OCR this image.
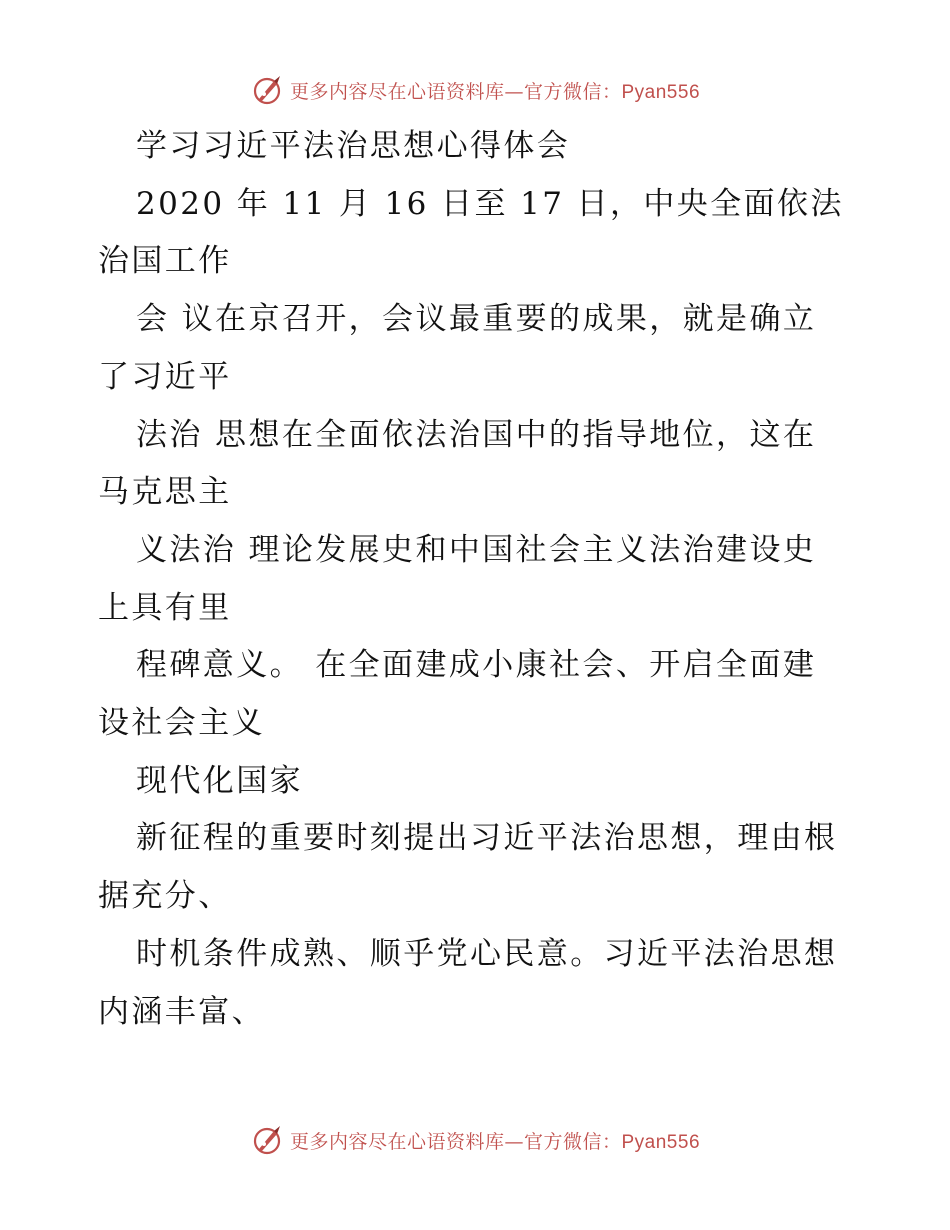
更多内容尽在心语资料库—官方微信：Pyan556

学习习近平法治思想心得体会

2020 年 11 月 16 日至 17 日，中央全面依法

治国工作

会 议在京召开，会议最重要的成果，就是确立

了习近平

法治 思想在全面依法治国中的指导地位，这在

马克思主

义法治 理论发展史和中国社会主义法治建设史

上具有里

程碑意义。 在全面建成小康社会、开启全面建

设社会主义

现代化国家

新征程的重要时刻提出习近平法治思想，理由根

据充分、

时机条件成熟、顺乎党心民意。习近平法治思想

内涵丰富、

更多内容尽在心语资料库—官方微信：Pyan556
